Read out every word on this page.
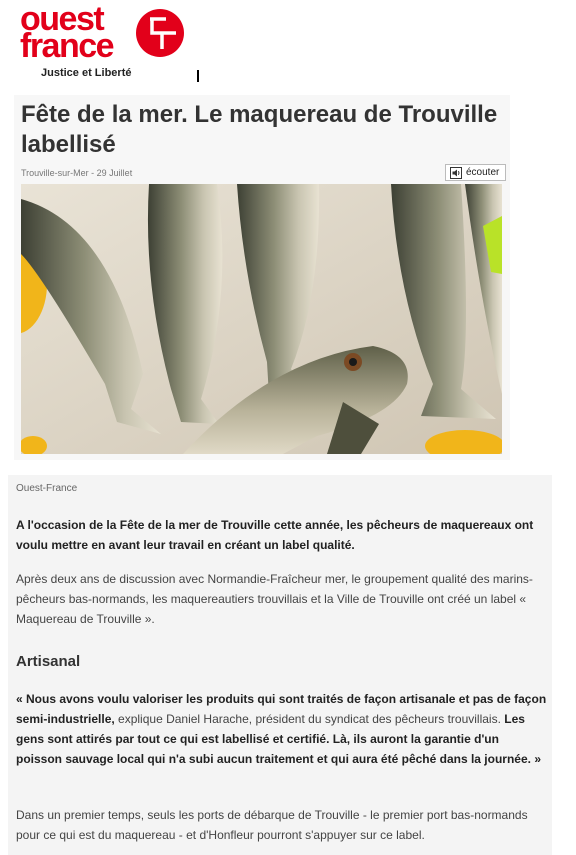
ouest
france
Justice et Liberté
Fête de la mer. Le maquereau de Trouville labellisé
Trouville-sur-Mer - 29 Juillet	écouter
Ouest-France

A l'occasion de la Fête de la mer de Trouville cette année, les pêcheurs de maquereaux ont voulu mettre en avant leur travail en créant un label qualité.

Après deux ans de discussion avec Normandie-Fraîcheur mer, le groupement qualité des marins-pêcheurs bas-normands, les maquereautiers trouvillais et la Ville de Trouville ont créé un label « Maquereau de Trouville ».

Artisanal

« Nous avons voulu valoriser les produits qui sont traités de façon artisanale et pas de façon semi-industrielle, explique Daniel Harache, président du syndicat des pêcheurs trouvillais. Les gens sont attirés par tout ce qui est labellisé et certifié. Là, ils auront la garantie d'un poisson sauvage local qui n'a subi aucun traitement et qui aura été pêché dans la journée. »

Dans un premier temps, seuls les ports de débarque de Trouville - le premier port bas-normands pour ce qui est du maquereau - et d'Honfleur pourront s'appuyer sur ce label.
